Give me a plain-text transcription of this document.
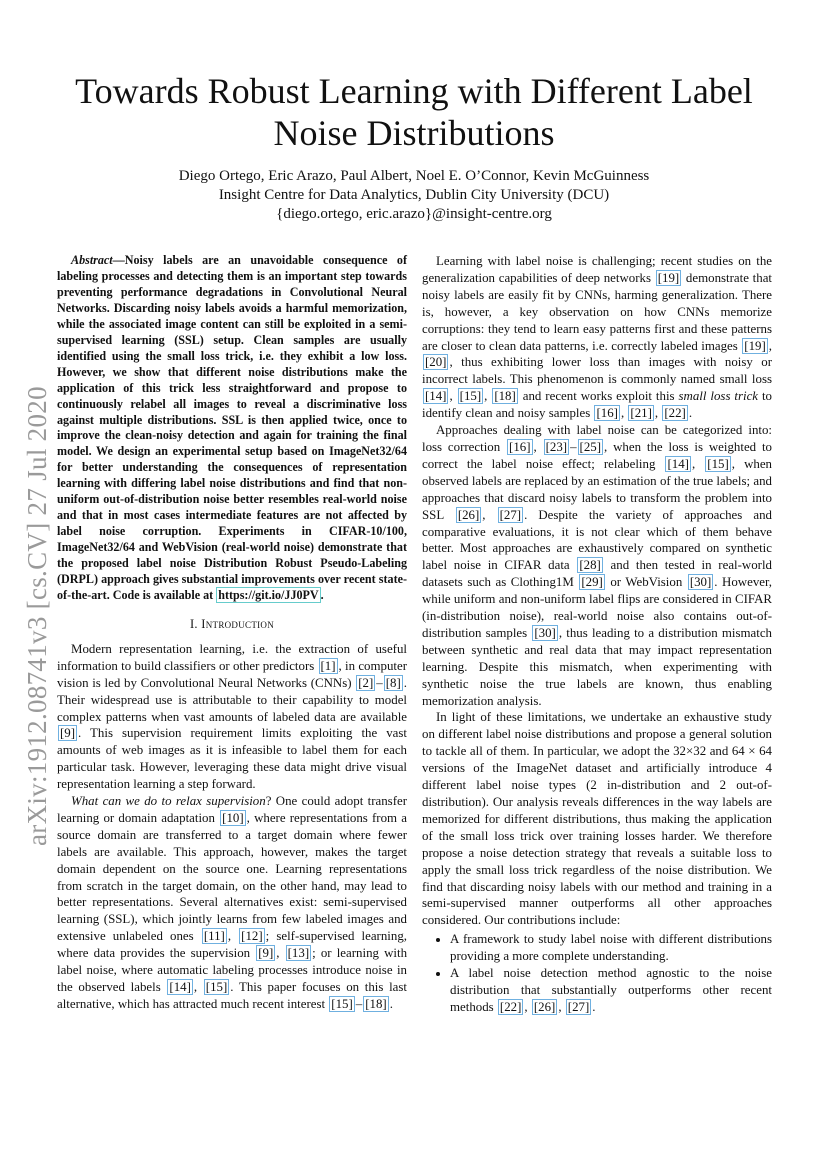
arXiv:1912.08741v3 [cs.CV] 27 Jul 2020
Towards Robust Learning with Different Label Noise Distributions
Diego Ortego, Eric Arazo, Paul Albert, Noel E. O’Connor, Kevin McGuinness
Insight Centre for Data Analytics, Dublin City University (DCU)
{diego.ortego, eric.arazo}@insight-centre.org

Abstract—Noisy labels are an unavoidable consequence of labeling processes and detecting them is an important step towards preventing performance degradations in Convolutional Neural Networks. Discarding noisy labels avoids a harmful memorization, while the associated image content can still be exploited in a semi-supervised learning (SSL) setup. Clean samples are usually identified using the small loss trick, i.e. they exhibit a low loss. However, we show that different noise distributions make the application of this trick less straightforward and propose to continuously relabel all images to reveal a discriminative loss against multiple distributions. SSL is then applied twice, once to improve the clean-noisy detection and again for training the final model. We design an experimental setup based on ImageNet32/64 for better understanding the consequences of representation learning with differing label noise distributions and find that non-uniform out-of-distribution noise better resembles real-world noise and that in most cases intermediate features are not affected by label noise corruption. Experiments in CIFAR-10/100, ImageNet32/64 and WebVision (real-world noise) demonstrate that the proposed label noise Distribution Robust Pseudo-Labeling (DRPL) approach gives substantial improvements over recent state-of-the-art. Code is available at https://git.io/JJ0PV .

I. Introduction

Modern representation learning, i.e. the extraction of useful information to build classifiers or other predictors [1] , in computer vision is led by Convolutional Neural Networks (CNNs) [2] – [8] . Their widespread use is attributable to their capability to model complex patterns when vast amounts of labeled data are available [9] . This supervision requirement limits exploiting the vast amounts of web images as it is infeasible to label them for each particular task. However, leveraging these data might drive visual representation learning a step forward.

What can we do to relax supervision? One could adopt transfer learning or domain adaptation [10] , where representations from a source domain are transferred to a target domain where fewer labels are available. This approach, however, makes the target domain dependent on the source one. Learning representations from scratch in the target domain, on the other hand, may lead to better representations. Several alternatives exist: semi-supervised learning (SSL), which jointly learns from few labeled images and extensive unlabeled ones [11] , [12] ; self-supervised learning, where data provides the supervision [9] , [13] ; or learning with label noise, where automatic labeling processes introduce noise in the observed labels [14] , [15] . This paper focuses on this last alternative, which has attracted much recent interest [15] – [18] .

Learning with label noise is challenging; recent studies on the generalization capabilities of deep networks [19] demonstrate that noisy labels are easily fit by CNNs, harming generalization. There is, however, a key observation on how CNNs memorize corruptions: they tend to learn easy patterns first and these patterns are closer to clean data patterns, i.e. correctly labeled images [19] , [20] , thus exhibiting lower loss than images with noisy or incorrect labels. This phenomenon is commonly named small loss [14] , [15] , [18] and recent works exploit this small loss trick to identify clean and noisy samples [16] , [21] , [22] .

Approaches dealing with label noise can be categorized into: loss correction [16] , [23] – [25] , when the loss is weighted to correct the label noise effect; relabeling [14] , [15] , when observed labels are replaced by an estimation of the true labels; and approaches that discard noisy labels to transform the problem into SSL [26] , [27] . Despite the variety of approaches and comparative evaluations, it is not clear which of them behave better. Most approaches are exhaustively compared on synthetic label noise in CIFAR data [28] and then tested in real-world datasets such as Clothing1M [29] or WebVision [30] . However, while uniform and non-uniform label flips are considered in CIFAR (in-distribution noise), real-world noise also contains out-of-distribution samples [30] , thus leading to a distribution mismatch between synthetic and real data that may impact representation learning. Despite this mismatch, when experimenting with synthetic noise the true labels are known, thus enabling memorization analysis.

In light of these limitations, we undertake an exhaustive study on different label noise distributions and propose a general solution to tackle all of them. In particular, we adopt the 32×32 and 64 × 64 versions of the ImageNet dataset and artificially introduce 4 different label noise types (2 in-distribution and 2 out-of-distribution). Our analysis reveals differences in the way labels are memorized for different distributions, thus making the application of the small loss trick over training losses harder. We therefore propose a noise detection strategy that reveals a suitable loss to apply the small loss trick regardless of the noise distribution. We find that discarding noisy labels with our method and training in a semi-supervised manner outperforms all other approaches considered. Our contributions include:

• A framework to study label noise with different distributions providing a more complete understanding.
• A label noise detection method agnostic to the noise distribution that substantially outperforms other recent methods [22] , [26] , [27] .
